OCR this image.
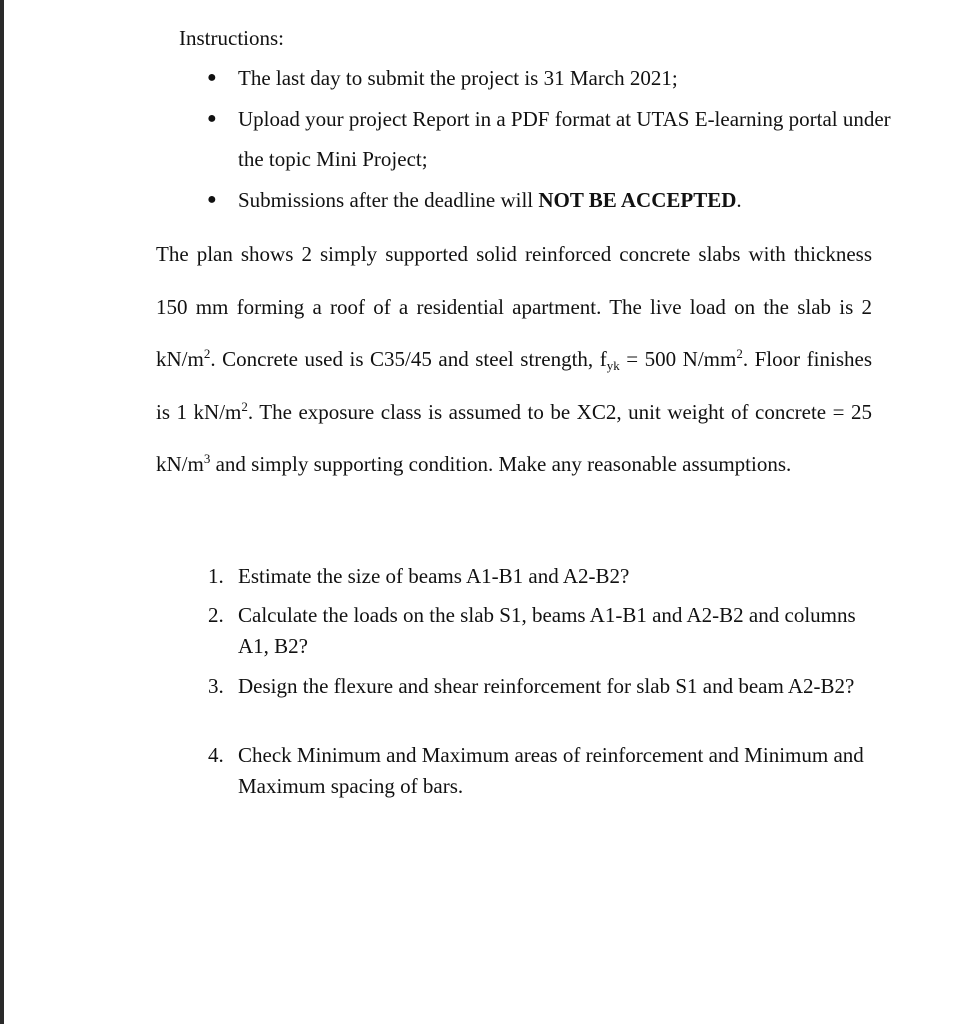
Instructions:
● The last day to submit the project is 31 March 2021;
● Upload your project Report in a PDF format at UTAS E-learning portal under the topic Mini Project;
● Submissions after the deadline will NOT BE ACCEPTED.

The plan shows 2 simply supported solid reinforced concrete slabs with thickness 150 mm forming a roof of a residential apartment. The live load on the slab is 2 $kN/m^2$. Concrete used is C35/45 and steel strength, $f_{yk} = 500$ $N/mm^2$. Floor finishes is 1 $kN/m^2$. The exposure class is assumed to be XC2, unit weight of concrete = 25 $kN/m^3$ and simply supporting condition. Make any reasonable assumptions.

1. Estimate the size of beams A1-B1 and A2-B2?
2. Calculate the loads on the slab S1, beams A1-B1 and A2-B2 and columns A1, B2?
3. Design the flexure and shear reinforcement for slab S1 and beam A2-B2?
4. Check Minimum and Maximum areas of reinforcement and Minimum and Maximum spacing of bars.
